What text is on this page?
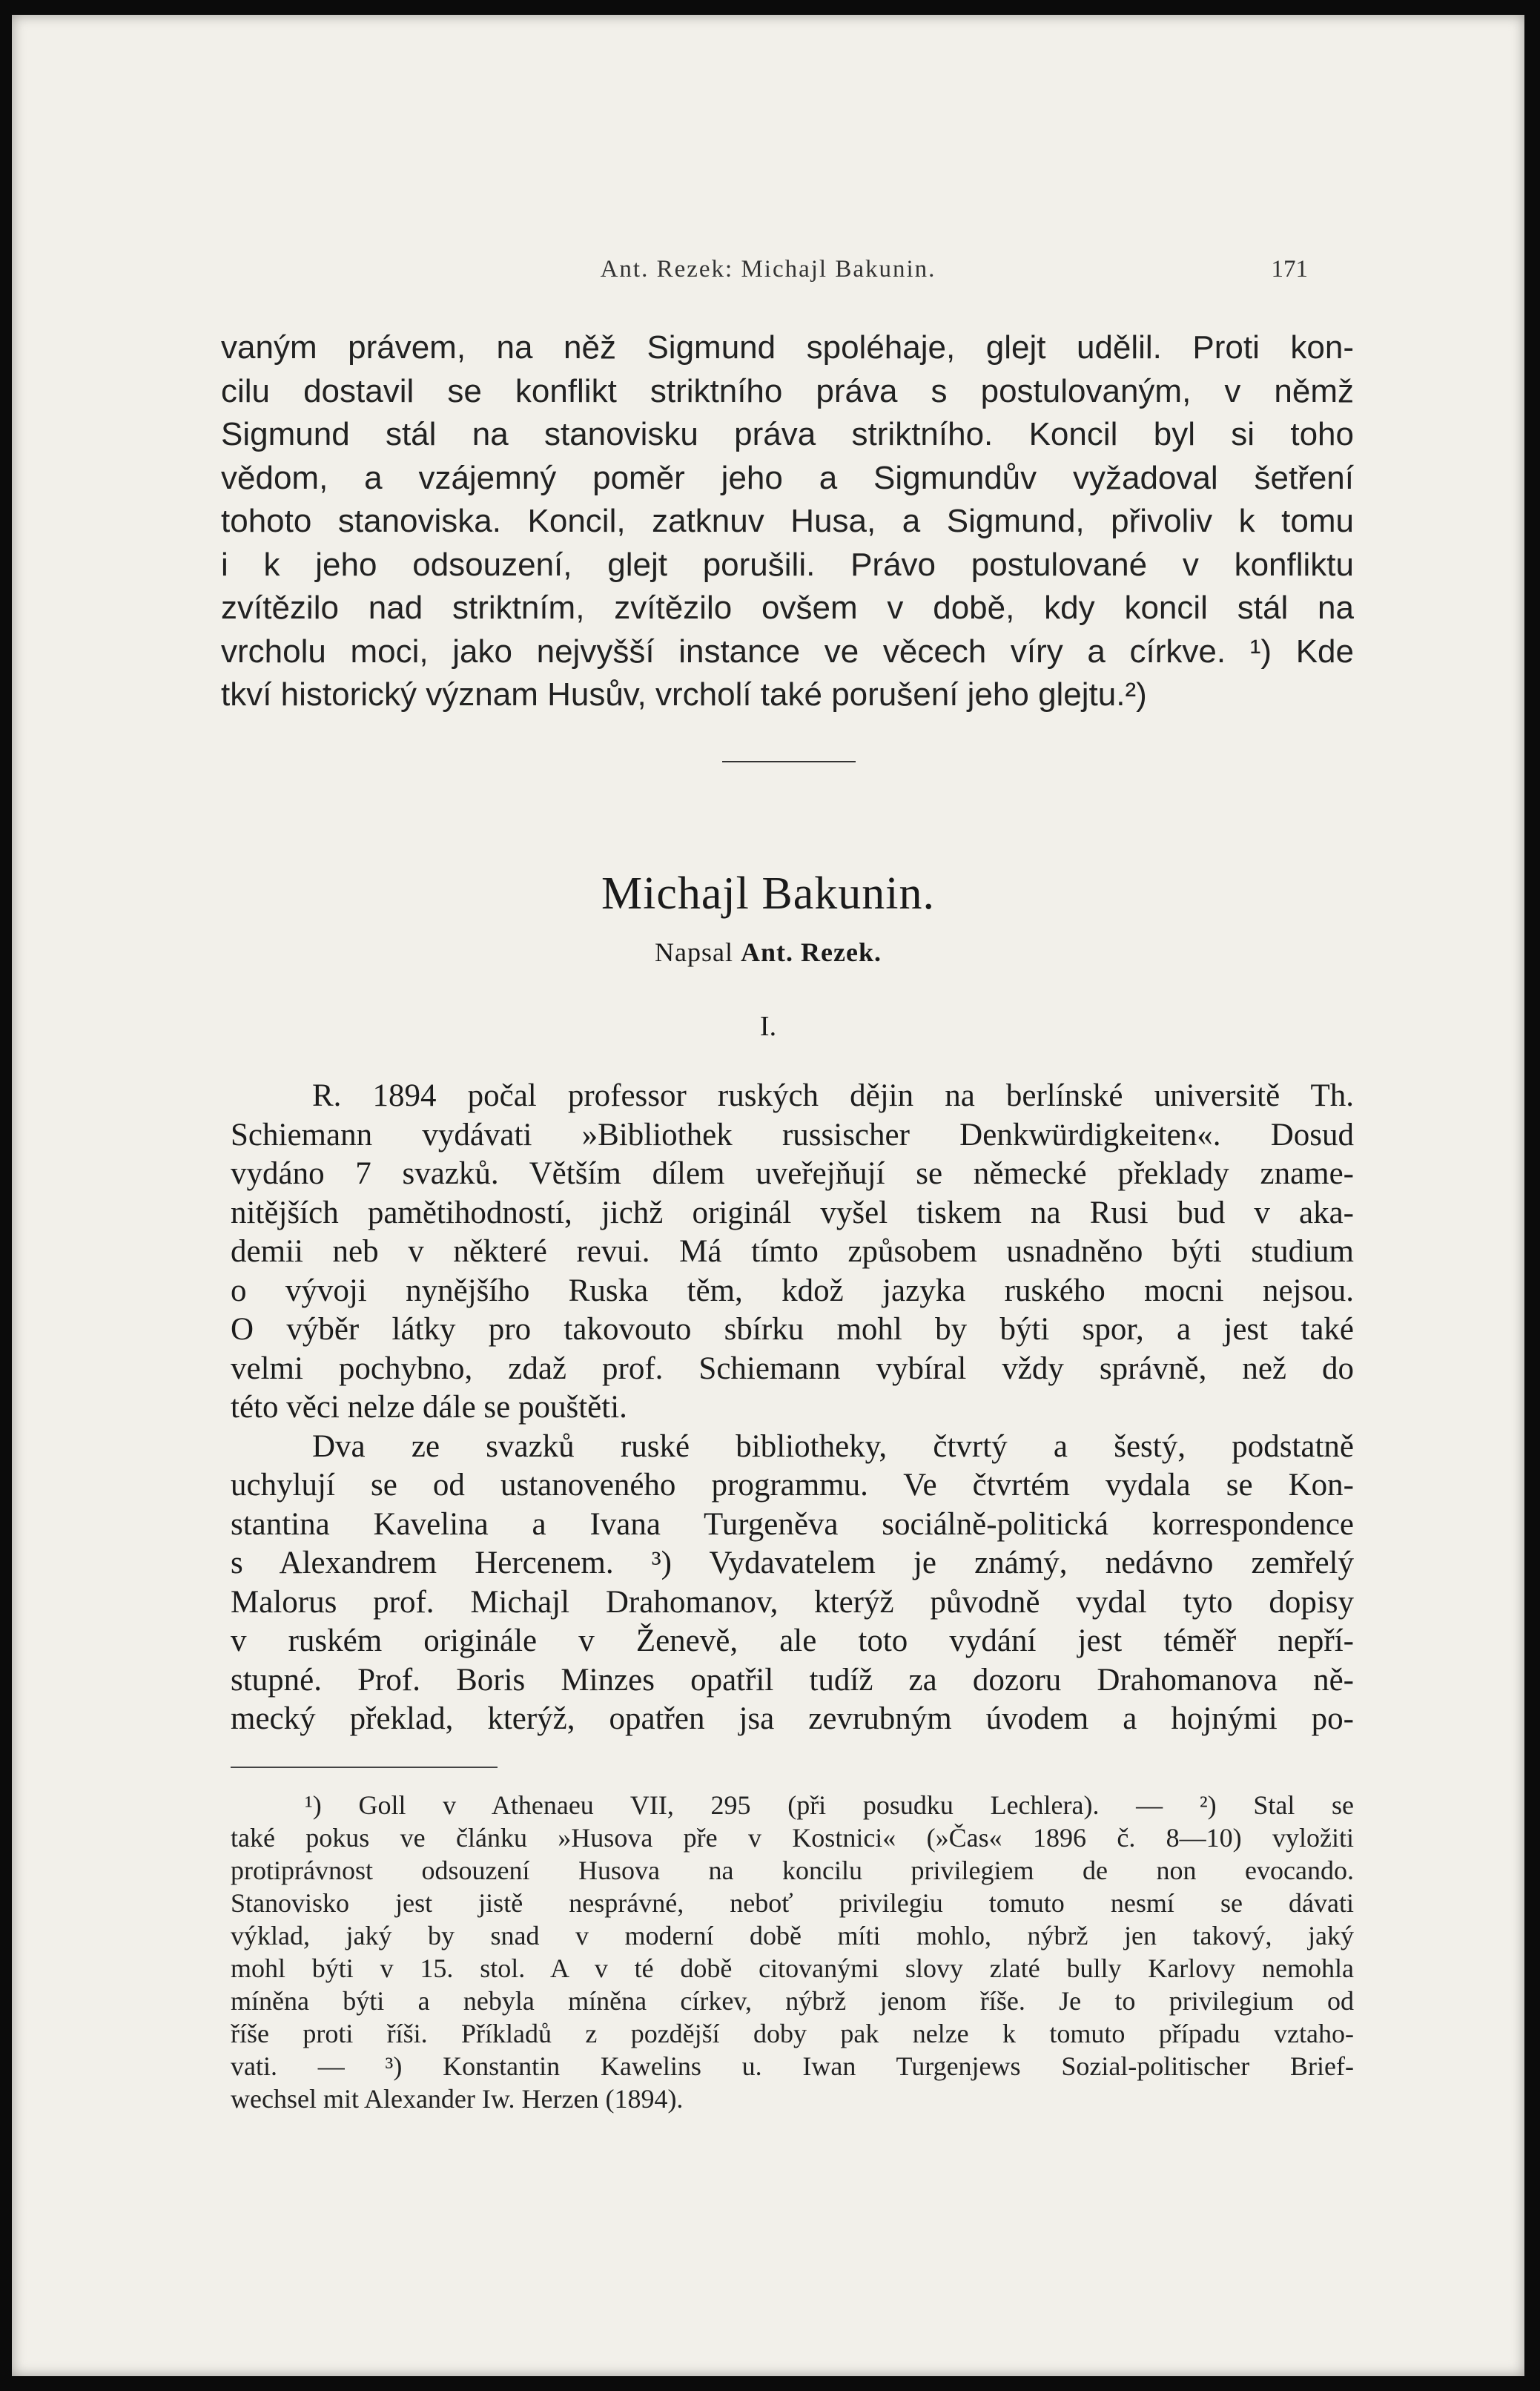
Ant. Rezek: Michajl Bakunin.	171
vaným právem, na něž Sigmund spoléhaje, glejt udělil. Proti kon-
cilu dostavil se konflikt striktního práva s postulovaným, v němž
Sigmund stál na stanovisku práva striktního. Koncil byl si toho
vědom, a vzájemný poměr jeho a Sigmundův vyžadoval šetření
tohoto stanoviska. Koncil, zatknuv Husa, a Sigmund, přivoliv k tomu
i k jeho odsouzení, glejt porušili. Právo postulované v konfliktu
zvítězilo nad striktním, zvítězilo ovšem v době, kdy koncil stál na
vrcholu moci, jako nejvyšší instance ve věcech víry a církve. ¹) Kde
tkví historický význam Husův, vrcholí také porušení jeho glejtu.²)
Michajl Bakunin.
Napsal Ant. Rezek.
I.
R. 1894 počal professor ruských dějin na berlínské universitě Th.
Schiemann vydávati »Bibliothek russischer Denkwürdigkeiten«. Dosud
vydáno 7 svazků. Větším dílem uveřejňují se německé překlady zname-
nitějších pamětihodností, jichž originál vyšel tiskem na Rusi bud v aka-
demii neb v některé revui. Má tímto způsobem usnadněno býti studium
o vývoji nynějšího Ruska těm, kdož jazyka ruského mocni nejsou.
O výběr látky pro takovouto sbírku mohl by býti spor, a jest také
velmi pochybno, zdaž prof. Schiemann vybíral vždy správně, než do
této věci nelze dále se pouštěti.
Dva ze svazků ruské bibliotheky, čtvrtý a šestý, podstatně
uchylují se od ustanoveného programmu. Ve čtvrtém vydala se Kon-
stantina Kavelina a Ivana Turgeněva sociálně-politická korrespondence
s Alexandrem Hercenem. ³) Vydavatelem je známý, nedávno zemřelý
Malorus prof. Michajl Drahomanov, kterýž původně vydal tyto dopisy
v ruském originále v Ženevě, ale toto vydání jest téměř nepří-
stupné. Prof. Boris Minzes opatřil tudíž za dozoru Drahomanova ně-
mecký překlad, kterýž, opatřen jsa zevrubným úvodem a hojnými po-
¹) Goll v Athenaeu VII, 295 (při posudku Lechlera). — ²) Stal se
také pokus ve článku »Husova pře v Kostnici« (»Čas« 1896 č. 8—10) vyložiti
protiprávnost odsouzení Husova na koncilu privilegiem de non evocando.
Stanovisko jest jistě nesprávné, neboť privilegiu tomuto nesmí se dávati
výklad, jaký by snad v moderní době míti mohlo, nýbrž jen takový, jaký
mohl býti v 15. stol. A v té době citovanými slovy zlaté bully Karlovy nemohla
míněna býti a nebyla míněna církev, nýbrž jenom říše. Je to privilegium od
říše proti říši. Příkladů z pozdější doby pak nelze k tomuto případu vztaho-
vati. — ³) Konstantin Kawelins u. Iwan Turgenjews Sozial-politischer Brief-
wechsel mit Alexander Iw. Herzen (1894).
